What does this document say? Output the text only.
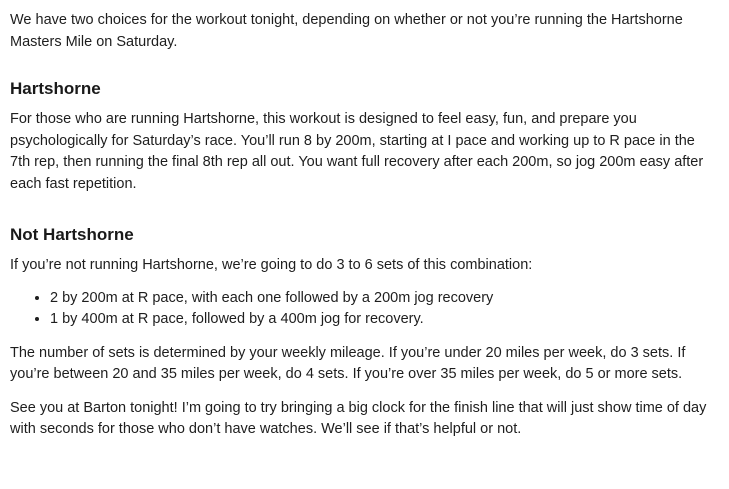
We have two choices for the workout tonight, depending on whether or not you’re running the Hartshorne Masters Mile on Saturday.

Hartshorne

For those who are running Hartshorne, this workout is designed to feel easy, fun, and prepare you psychologically for Saturday’s race. You’ll run 8 by 200m, starting at I pace and working up to R pace in the 7th rep, then running the final 8th rep all out. You want full recovery after each 200m, so jog 200m easy after each fast repetition.

Not Hartshorne

If you’re not running Hartshorne, we’re going to do 3 to 6 sets of this combination:

• 2 by 200m at R pace, with each one followed by a 200m jog recovery
• 1 by 400m at R pace, followed by a 400m jog for recovery.

The number of sets is determined by your weekly mileage. If you’re under 20 miles per week, do 3 sets. If you’re between 20 and 35 miles per week, do 4 sets. If you’re over 35 miles per week, do 5 or more sets.

See you at Barton tonight! I’m going to try bringing a big clock for the finish line that will just show time of day with seconds for those who don’t have watches. We’ll see if that’s helpful or not.
